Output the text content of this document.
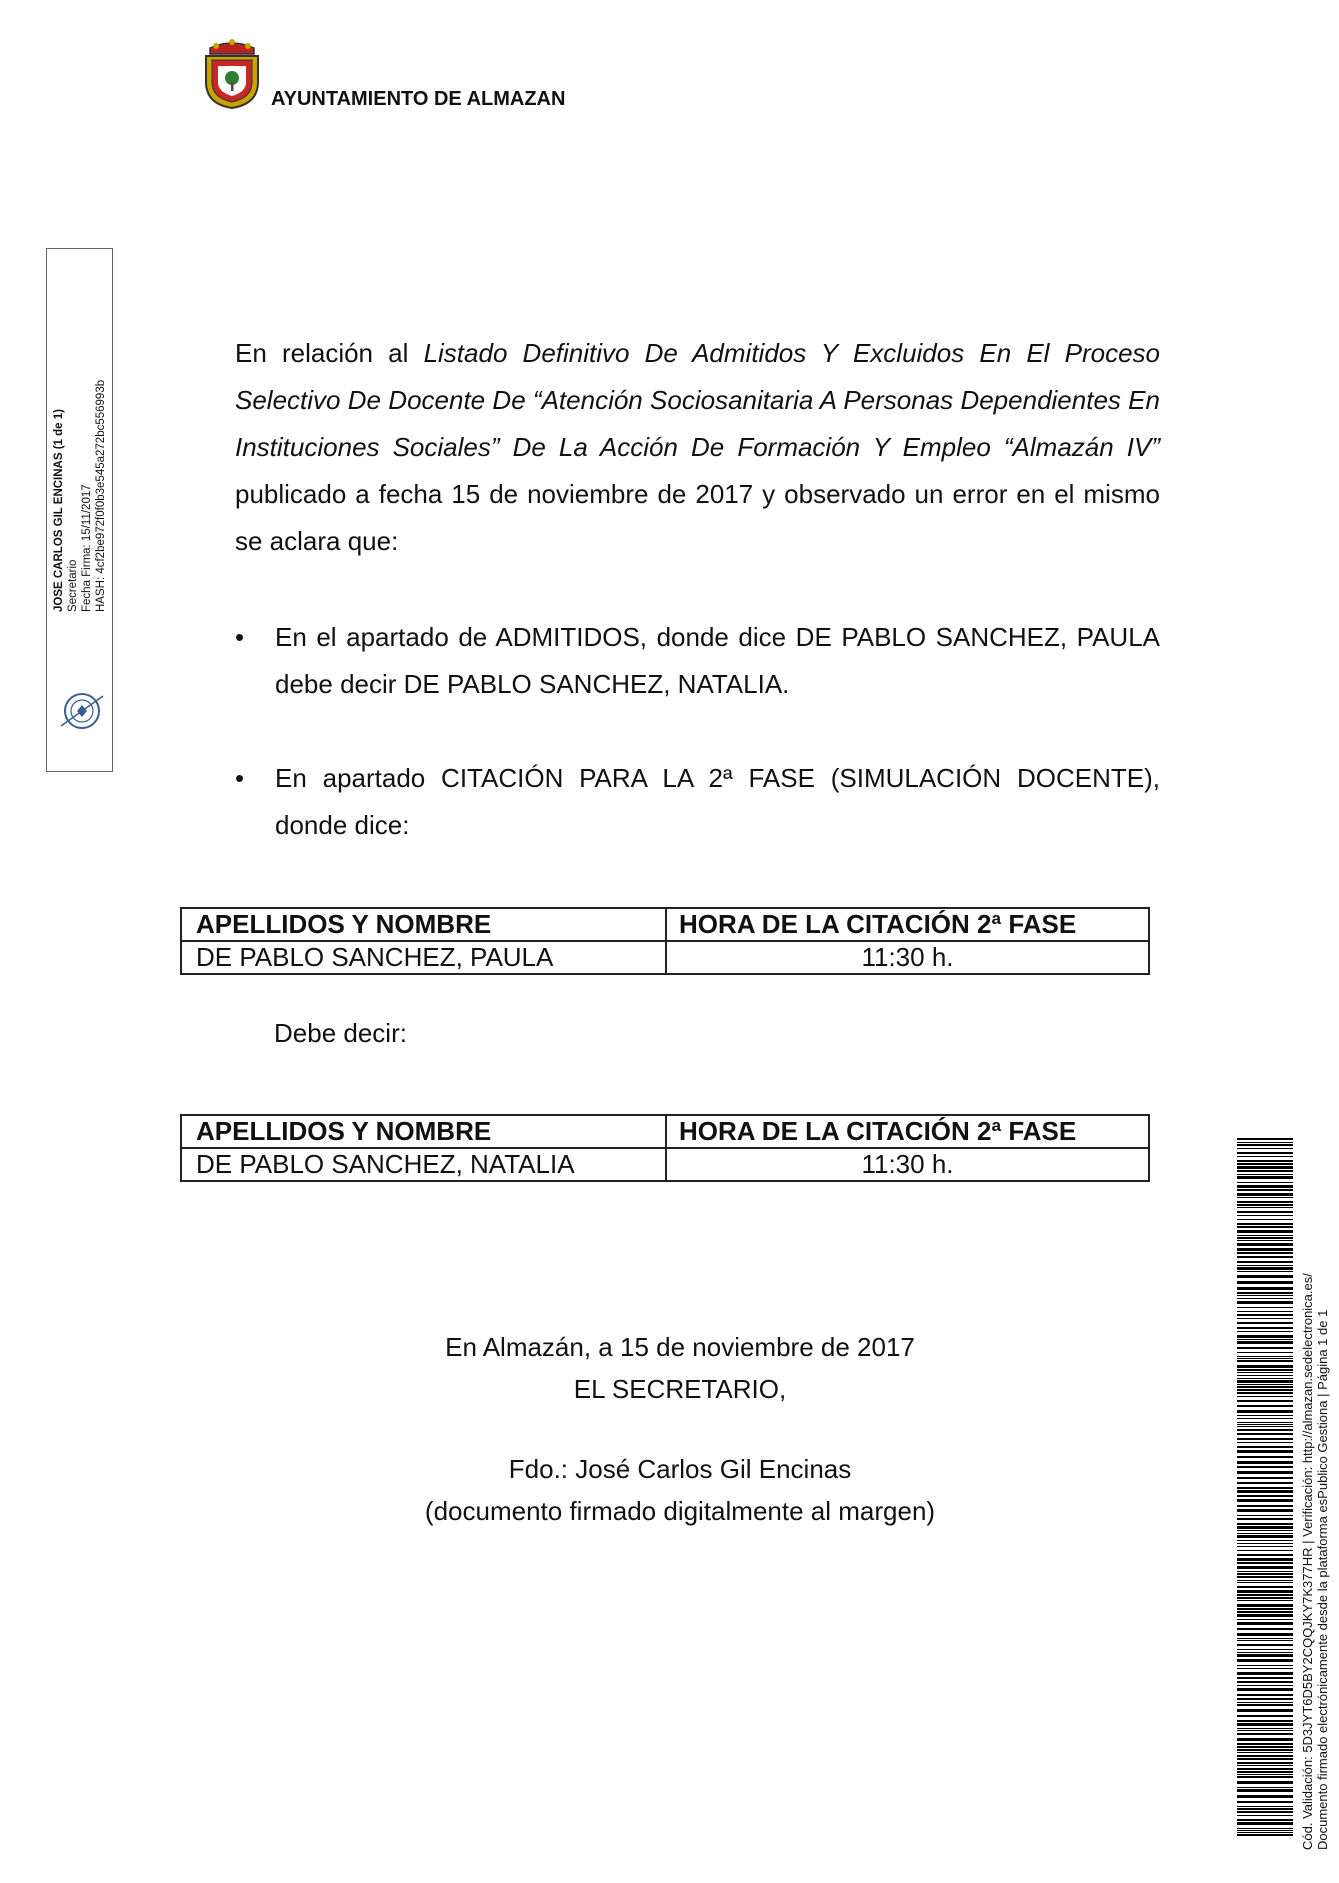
AYUNTAMIENTO DE ALMAZAN
JOSE CARLOS GIL ENCINAS (1 de 1) Secretario Fecha Firma: 15/11/2017 HASH: 4cf2be972f0f0b3e545a272bc556993b

En relación al Listado Definitivo De Admitidos Y Excluidos En El Proceso Selectivo De Docente De “Atención Sociosanitaria A Personas Dependientes En Instituciones Sociales” De La Acción De Formación Y Empleo “Almazán IV” publicado a fecha 15 de noviembre de 2017 y observado un error en el mismo se aclara que:

• En el apartado de ADMITIDOS, donde dice DE PABLO SANCHEZ, PAULA debe decir DE PABLO SANCHEZ, NATALIA.
• En apartado CITACIÓN PARA LA 2ª FASE (SIMULACIÓN DOCENTE), donde dice:
APELLIDOS Y NOMBRE	HORA DE LA CITACIÓN 2ª FASE
DE PABLO SANCHEZ, PAULA	11:30 h.
Debe decir:
APELLIDOS Y NOMBRE	HORA DE LA CITACIÓN 2ª FASE
DE PABLO SANCHEZ, NATALIA	11:30 h.
En Almazán, a 15 de noviembre de 2017
EL SECRETARIO,
Fdo.: José Carlos Gil Encinas
(documento firmado digitalmente al margen)	Cód. Validación: 5D3JYT6D5BY2CQQJKY7K377HR | Verificación: http://almazan.sedelectronica.es/ Documento firmado electrónicamente desde la plataforma esPublico Gestiona | Página 1 de 1
